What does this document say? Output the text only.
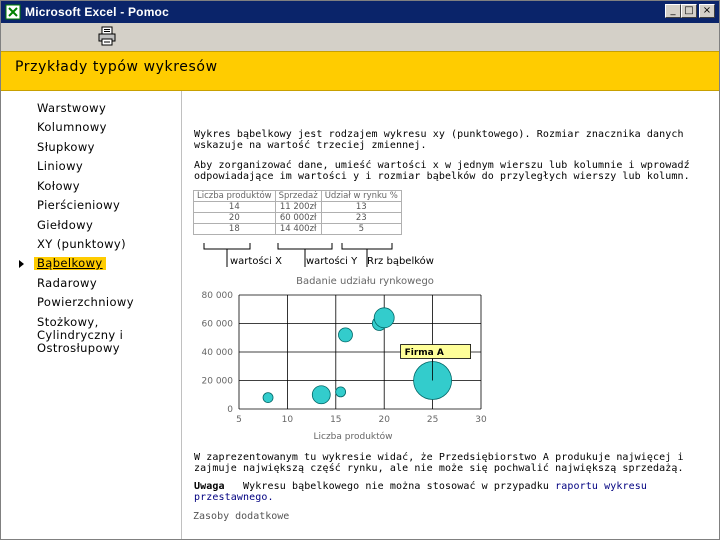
Microsoft Excel - Pomoc	_ □ ×
Przykłady typów wykresów
Warstwowy
Kolumnowy
Słupkowy
Liniowy
Kołowy
Pierścieniowy
Giełdowy
XY (punktowy)
Bąbelkowy
Radarowy
Powierzchniowy
Stożkowy,
Cylindryczny i
Ostrosłupowy
Wykres bąbelkowy jest rodzajem wykresu xy (punktowego). Rozmiar znacznika danych
wskazuje na wartość trzeciej zmiennej.
Aby zorganizować dane, umieść wartości x w jednym wierszu lub kolumnie i wprowadź
odpowiadające im wartości y i rozmiar bąbelków do przyległych wierszy lub kolumn.
Liczba produktów	Sprzedaż	Udział w rynku %
14	11 200zł	13
20	60 000zł	23
18	14 400zł	5
wartości X wartości Y Rrz bąbelków
Badanie udziału rynkowego
0
20 000
40 000
60 000
80 000
5	10	15	20	25	30
Firma A
Liczba produktów
W zaprezentowanym tu wykresie widać, że Przedsiębiorstwo A produkuje najwięcej i
zajmuje największą część rynku, ale nie może się pochwalić największą sprzedażą.
Uwaga Wykresu bąbelkowego nie można stosować w przypadku raportu wykresu
przestawnego.
Zasoby dodatkowe
